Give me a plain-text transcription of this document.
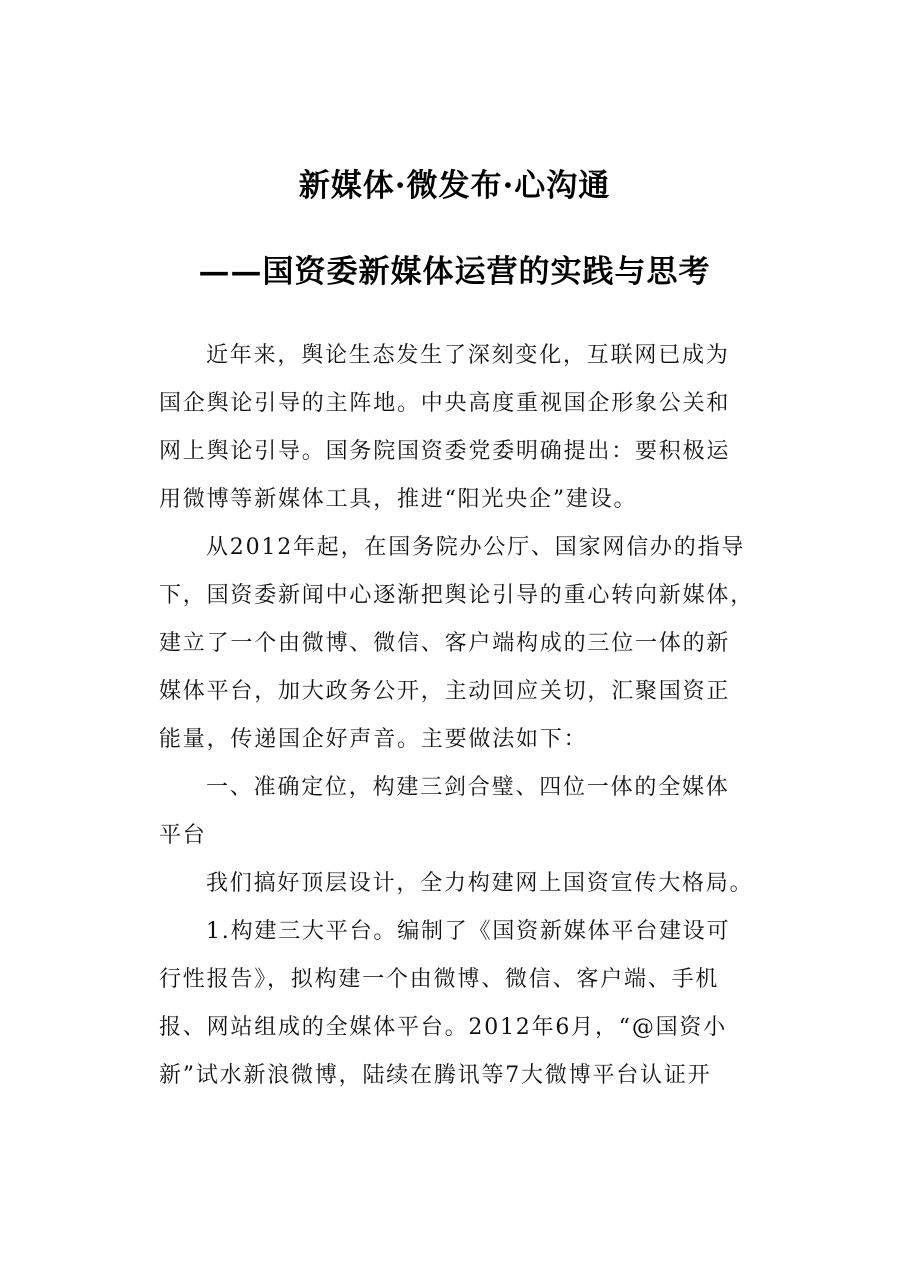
新媒体·微发布·心沟通
——国资委新媒体运营的实践与思考
近年来，舆论生态发生了深刻变化，互联网已成为
国企舆论引导的主阵地。中央高度重视国企形象公关和
网上舆论引导。国务院国资委党委明确提出：要积极运
用微博等新媒体工具，推进“阳光央企”建设。
从2012年起，在国务院办公厅、国家网信办的指导
下，国资委新闻中心逐渐把舆论引导的重心转向新媒体，
建立了一个由微博、微信、客户端构成的三位一体的新
媒体平台，加大政务公开，主动回应关切，汇聚国资正
能量，传递国企好声音。主要做法如下：
一、准确定位，构建三剑合璧、四位一体的全媒体
平台
我们搞好顶层设计，全力构建网上国资宣传大格局。
1.构建三大平台。编制了《国资新媒体平台建设可
行性报告》，拟构建一个由微博、微信、客户端、手机
报、网站组成的全媒体平台。2012年6月，“@国资小
新”试水新浪微博，陆续在腾讯等7大微博平台认证开
